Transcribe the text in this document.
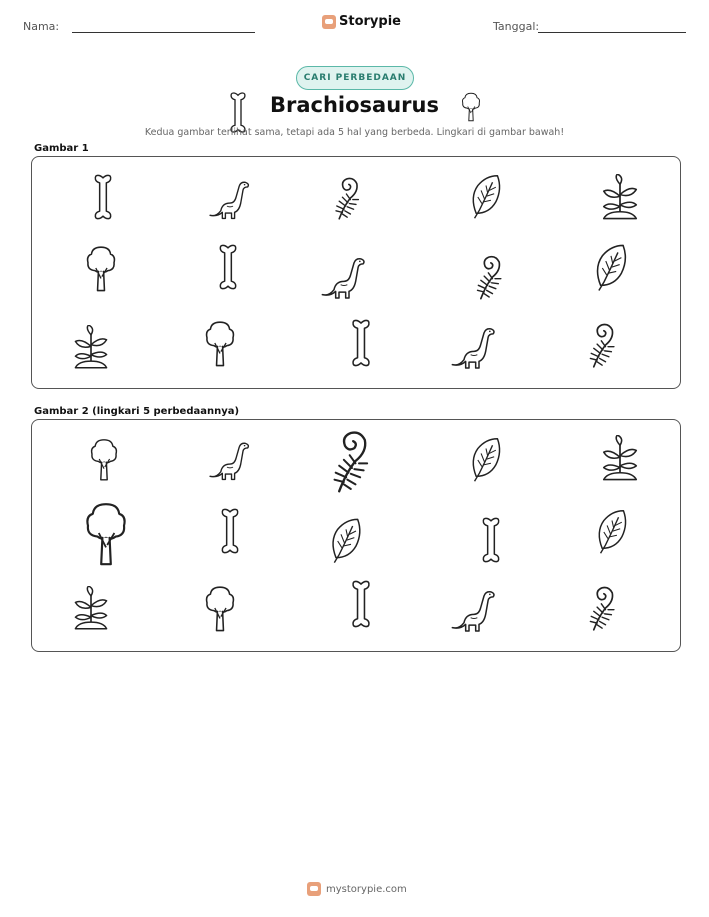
Nama:	Storypie	Tanggal:
CARI PERBEDAAN
Brachiosaurus
Kedua gambar terlihat sama, tetapi ada 5 hal yang berbeda. Lingkari di gambar bawah!
Gambar 1
Gambar 2 (lingkari 5 perbedaannya)
mystorypie.com
